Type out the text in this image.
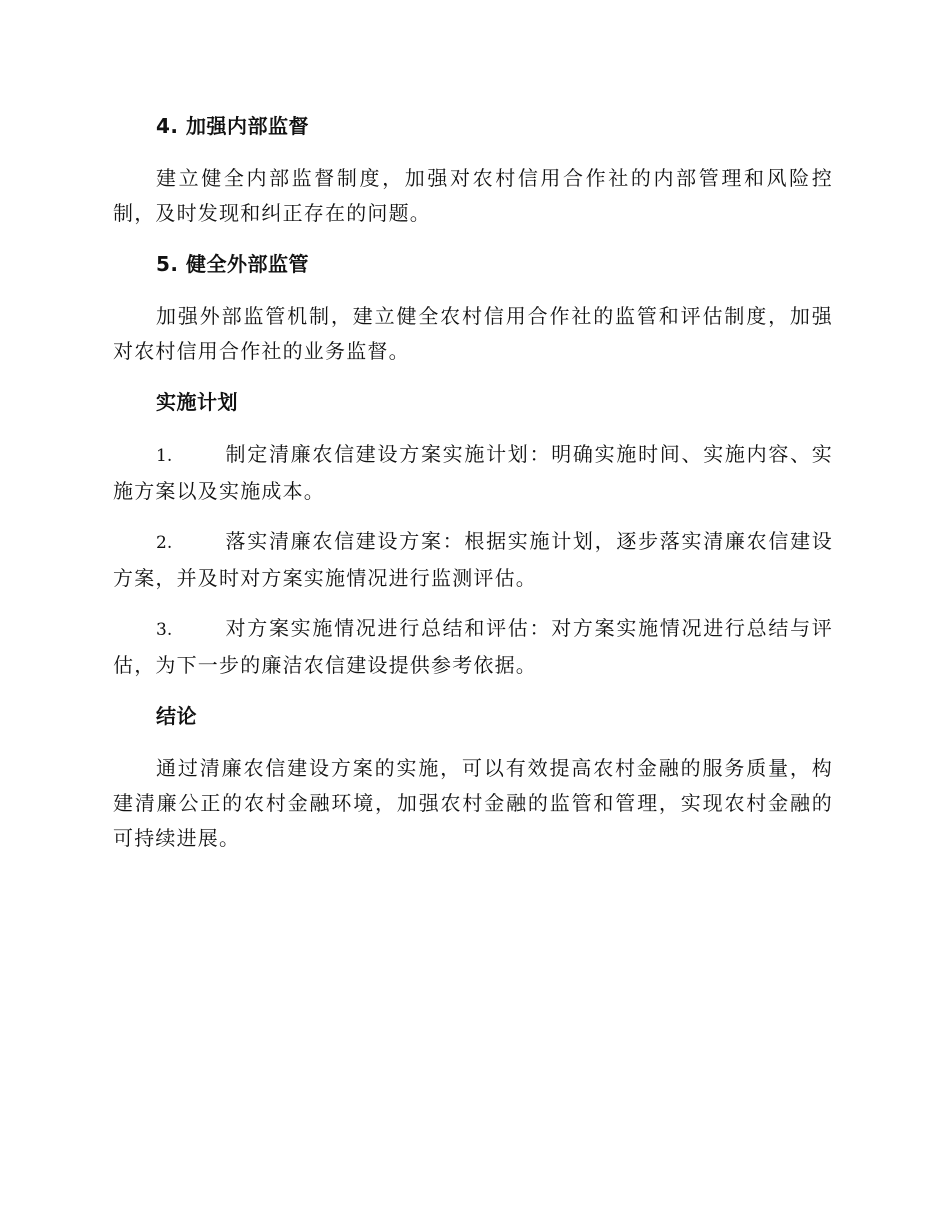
4. 加强内部监督

建立健全内部监督制度，加强对农村信用合作社的内部管理和风险控制，及时发现和纠正存在的问题。

5. 健全外部监管

加强外部监管机制，建立健全农村信用合作社的监管和评估制度，加强对农村信用合作社的业务监督。

实施计划

1.	制定清廉农信建设方案实施计划：明确实施时间、实施内容、实施方案以及实施成本。

2.	落实清廉农信建设方案：根据实施计划，逐步落实清廉农信建设方案，并及时对方案实施情况进行监测评估。

3.	对方案实施情况进行总结和评估：对方案实施情况进行总结与评估，为下一步的廉洁农信建设提供参考依据。

结论

通过清廉农信建设方案的实施，可以有效提高农村金融的服务质量，构建清廉公正的农村金融环境，加强农村金融的监管和管理，实现农村金融的可持续进展。
